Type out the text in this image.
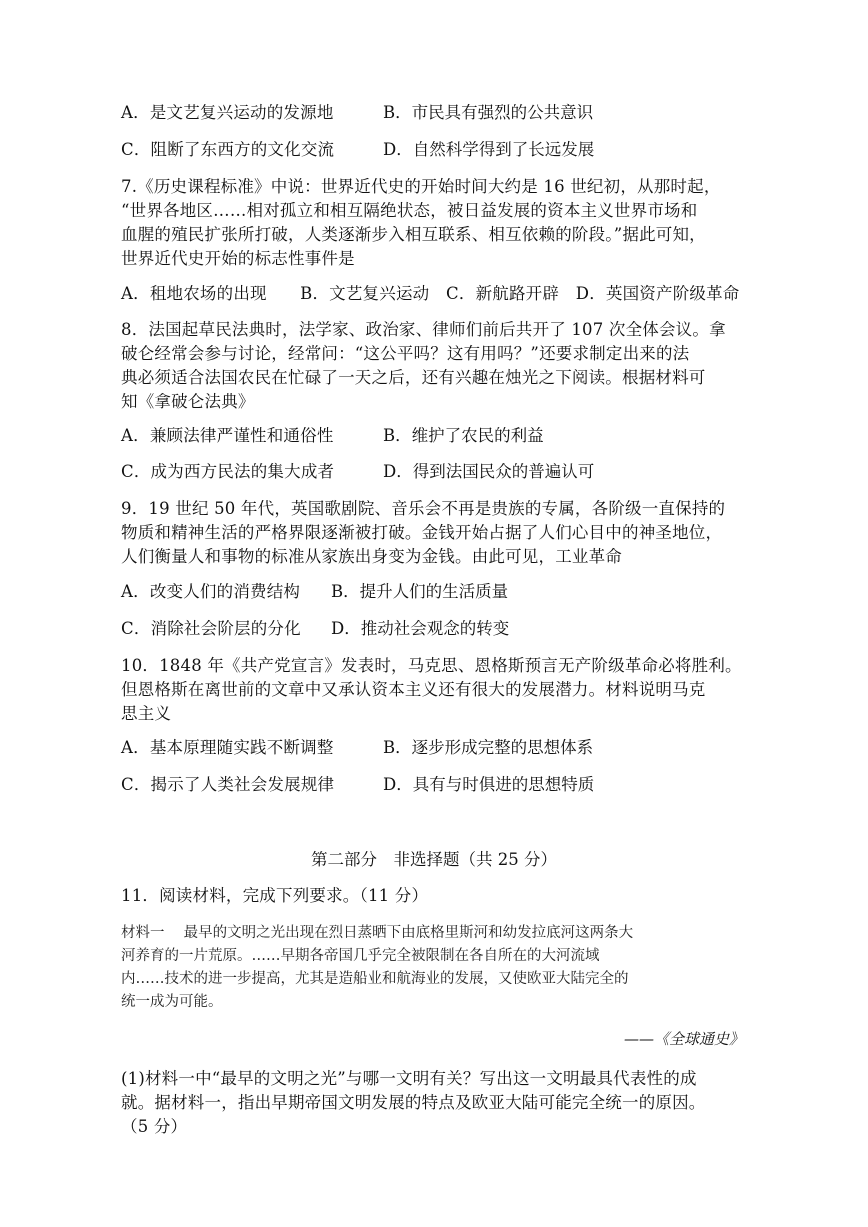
A．是文艺复兴运动的发源地	B．市民具有强烈的公共意识
C．阻断了东西方的文化交流	D．自然科学得到了长远发展
7.《历史课程标准》中说：世界近代史的开始时间大约是 16 世纪初，从那时起，
“世界各地区……相对孤立和相互隔绝状态，被日益发展的资本主义世界市场和
血腥的殖民扩张所打破，人类逐渐步入相互联系、相互依赖的阶段。”据此可知，
世界近代史开始的标志性事件是
A．租地农场的出现　　B．文艺复兴运动　C．新航路开辟　D．英国资产阶级革命
8．法国起草民法典时，法学家、政治家、律师们前后共开了 107 次全体会议。拿
破仑经常会参与讨论，经常问：“这公平吗？这有用吗？”还要求制定出来的法
典必须适合法国农民在忙碌了一天之后，还有兴趣在烛光之下阅读。根据材料可
知《拿破仑法典》
A．兼顾法律严谨性和通俗性	B．维护了农民的利益
C．成为西方民法的集大成者	D．得到法国民众的普遍认可
9．19 世纪 50 年代，英国歌剧院、音乐会不再是贵族的专属，各阶级一直保持的
物质和精神生活的严格界限逐渐被打破。金钱开始占据了人们心目中的神圣地位，
人们衡量人和事物的标准从家族出身变为金钱。由此可见，工业革命
A．改变人们的消费结构 B．提升人们的生活质量
C．消除社会阶层的分化 D．推动社会观念的转变
10．1848 年《共产党宣言》发表时，马克思、恩格斯预言无产阶级革命必将胜利。
但恩格斯在离世前的文章中又承认资本主义还有很大的发展潜力。材料说明马克
思主义
A．基本原理随实践不断调整	B．逐步形成完整的思想体系
C．揭示了人类社会发展规律	D．具有与时俱进的思想特质
第二部分　非选择题（共 25 分）
11．阅读材料，完成下列要求。（11 分）
材料一　 最早的文明之光出现在烈日蒸晒下由底格里斯河和幼发拉底河这两条大
河养育的一片荒原。……早期各帝国几乎完全被限制在各自所在的大河流域
内……技术的进一步提高，尤其是造船业和航海业的发展，又使欧亚大陆完全的
统一成为可能。
——《全球通史》
(1)材料一中“最早的文明之光”与哪一文明有关？写出这一文明最具代表性的成
就。据材料一，指出早期帝国文明发展的特点及欧亚大陆可能完全统一的原因。
（5 分）
